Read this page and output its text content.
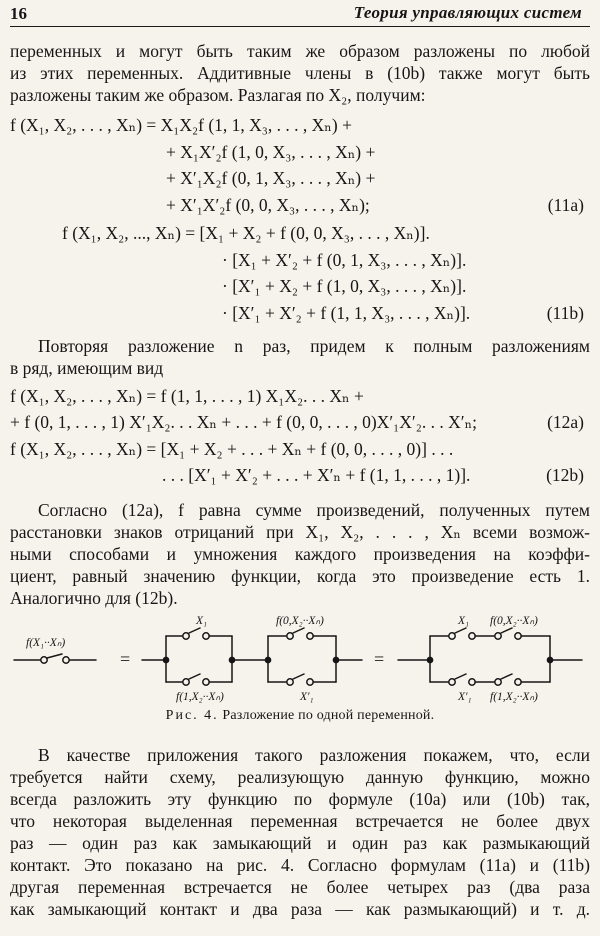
16	Теория управляющих систем
переменных и могут быть таким же образом разложены по любой
из этих переменных. Аддитивные члены в (10b) также могут быть
разложены таким же образом. Разлагая по X₂, получим:
f (X₁, X₂, . . . , Xₙ) = X₁X₂f (1, 1, X₃, . . . , Xₙ) +
+ X₁X′₂f (1, 0, X₃, . . . , Xₙ) +
+ X′₁X₂f (0, 1, X₃, . . . , Xₙ) +
+ X′₁X′₂f (0, 0, X₃, . . . , Xₙ);	(11a)
f (X₁, X₂, ..., Xₙ) = [X₁ + X₂ + f (0, 0, X₃, . . . , Xₙ)].
· [X₁ + X′₂ + f (0, 1, X₃, . . . , Xₙ)].
· [X′₁ + X₂ + f (1, 0, X₃, . . . , Xₙ)].
· [X′₁ + X′₂ + f (1, 1, X₃, . . . , Xₙ)].	(11b)
Повторяя разложение n раз, придем к полным разложениям
в ряд, имеющим вид
f (X₁, X₂, . . . , Xₙ) = f (1, 1, . . . , 1) X₁X₂. . . Xₙ +
+ f (0, 1, . . . , 1) X′₁X₂. . . Xₙ + . . . + f (0, 0, . . . , 0)X′₁X′₂. . . X′ₙ;	(12a)
f (X₁, X₂, . . . , Xₙ) = [X₁ + X₂ + . . . + Xₙ + f (0, 0, . . . , 0)] . . .
. . . [X′₁ + X′₂ + . . . + X′ₙ + f (1, 1, . . . , 1)].	(12b)
Согласно (12a), f равна сумме произведений, полученных путем
расстановки знаков отрицаний при X₁, X₂, . . . , Xₙ всеми возмож-
ными способами и умножения каждого произведения на коэффи-
циент, равный значению функции, когда это произведение есть 1.
Аналогично для (12b).
f(X₁··Xₙ)
=
X₁
f(1,X₂··Xₙ)
f(0,X₂··Xₙ)
X′₁
=
X₁ f(0,X₂··Xₙ)
X′₁ f(1,X₂··Xₙ)
Рис. 4. Разложение по одной переменной.
В качестве приложения такого разложения покажем, что, если
требуется найти схему, реализующую данную функцию, можно
всегда разложить эту функцию по формуле (10a) или (10b) так,
что некоторая выделенная переменная встречается не более двух
раз — один раз как замыкающий и один раз как размыкающий
контакт. Это показано на рис. 4. Согласно формулам (11a) и (11b)
другая переменная встречается не более четырех раз (два раза
как замыкающий контакт и два раза — как размыкающий) и т. д.
